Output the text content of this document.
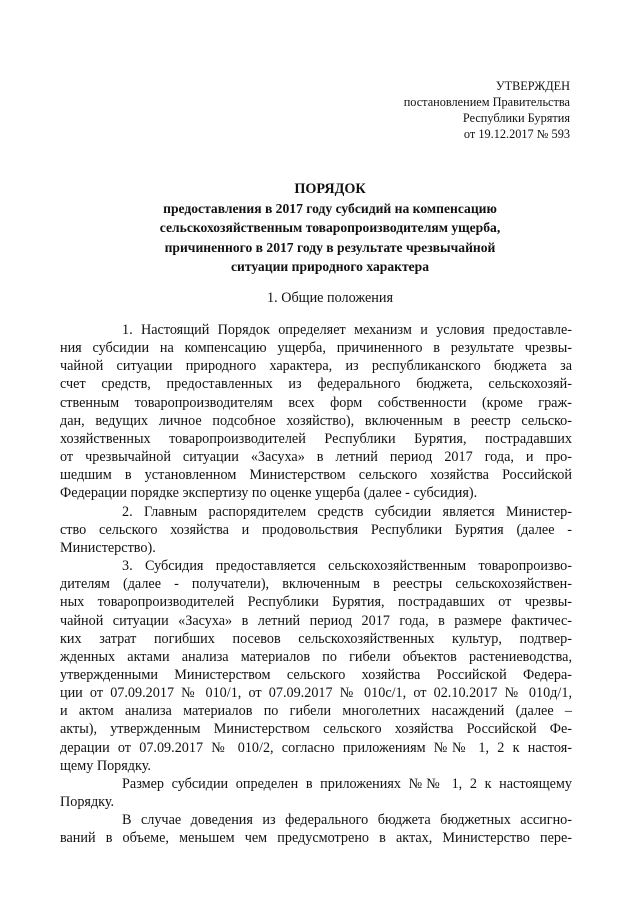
УТВЕРЖДЕН
постановлением Правительства
Республики Бурятия
от 19.12.2017 № 593
ПОРЯДОК
предоставления в 2017 году субсидий на компенсацию
сельскохозяйственным товаропроизводителям ущерба,
причиненного в 2017 году в результате чрезвычайной
ситуации природного характера
1. Общие положения
1. Настоящий Порядок определяет механизм и условия предоставле-
ния субсидии на компенсацию ущерба, причиненного в результате чрезвы-
чайной ситуации природного характера, из республиканского бюджета за
счет средств, предоставленных из федерального бюджета, сельскохозяй-
ственным товаропроизводителям всех форм собственности (кроме граж-
дан, ведущих личное подсобное хозяйство), включенным в реестр сельско-
хозяйственных товаропроизводителей Республики Бурятия, пострадавших
от чрезвычайной ситуации «Засуха» в летний период 2017 года, и про-
шедшим в установленном Министерством сельского хозяйства Российской
Федерации порядке экспертизу по оценке ущерба (далее - субсидия).
2. Главным распорядителем средств субсидии является Министер-
ство сельского хозяйства и продовольствия Республики Бурятия (далее -
Министерство).
3. Субсидия предоставляется сельскохозяйственным товаропроизво-
дителям (далее - получатели), включенным в реестры сельскохозяйствен-
ных товаропроизводителей Республики Бурятия, пострадавших от чрезвы-
чайной ситуации «Засуха» в летний период 2017 года, в размере фактичес-
ких затрат погибших посевов сельскохозяйственных культур, подтвер-
жденных актами анализа материалов по гибели объектов растениеводства,
утвержденными Министерством сельского хозяйства Российской Федера-
ции от 07.09.2017 № 010/1, от 07.09.2017 № 010с/1, от 02.10.2017 № 010д/1,
и актом анализа материалов по гибели многолетних насаждений (далее –
акты), утвержденным Министерством сельского хозяйства Российской Фе-
дерации от 07.09.2017 № 010/2, согласно приложениям №№ 1, 2 к настоя-
щему Порядку.
Размер субсидии определен в приложениях №№ 1, 2 к настоящему
Порядку.
В случае доведения из федерального бюджета бюджетных ассигно-
ваний в объеме, меньшем чем предусмотрено в актах, Министерство пере-
